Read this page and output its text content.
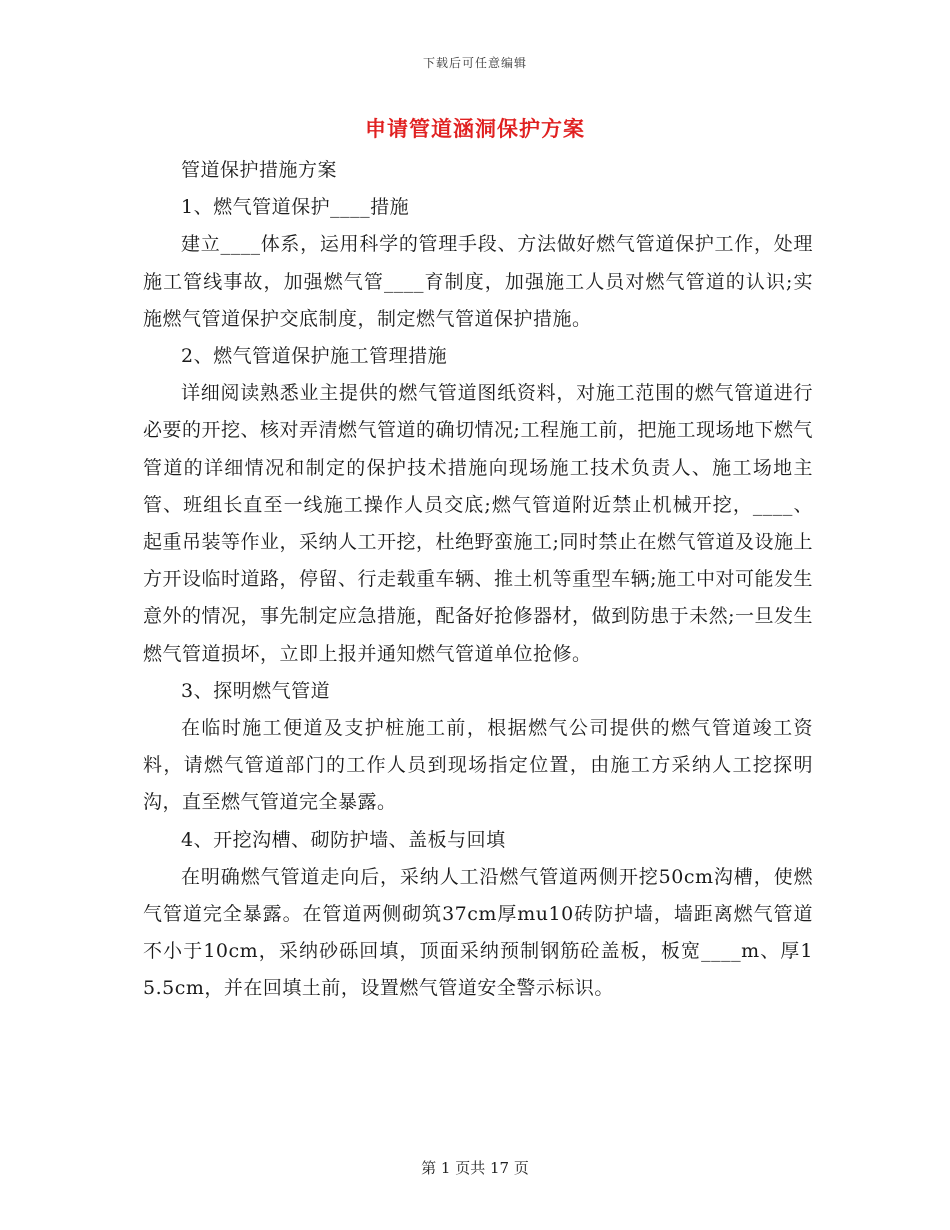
下载后可任意编辑
申请管道涵洞保护方案

管道保护措施方案

1、燃气管道保护____措施

建立____体系，运用科学的管理手段、方法做好燃气管道保护工作，处理施工管线事故，加强燃气管____育制度，加强施工人员对燃气管道的认识;实施燃气管道保护交底制度，制定燃气管道保护措施。

2、燃气管道保护施工管理措施

详细阅读熟悉业主提供的燃气管道图纸资料，对施工范围的燃气管道进行必要的开挖、核对弄清燃气管道的确切情况;工程施工前，把施工现场地下燃气管道的详细情况和制定的保护技术措施向现场施工技术负责人、施工场地主管、班组长直至一线施工操作人员交底;燃气管道附近禁止机械开挖，____、起重吊装等作业，采纳人工开挖，杜绝野蛮施工;同时禁止在燃气管道及设施上方开设临时道路，停留、行走载重车辆、推土机等重型车辆;施工中对可能发生意外的情况，事先制定应急措施，配备好抢修器材，做到防患于未然;一旦发生燃气管道损坏，立即上报并通知燃气管道单位抢修。

3、探明燃气管道

在临时施工便道及支护桩施工前，根据燃气公司提供的燃气管道竣工资料，请燃气管道部门的工作人员到现场指定位置，由施工方采纳人工挖探明沟，直至燃气管道完全暴露。

4、开挖沟槽、砌防护墙、盖板与回填

在明确燃气管道走向后，采纳人工沿燃气管道两侧开挖50cm沟槽，使燃气管道完全暴露。在管道两侧砌筑37cm厚mu10砖防护墙，墙距离燃气管道不小于10cm，采纳砂砾回填，顶面采纳预制钢筋砼盖板，板宽____m、厚15.5cm，并在回填土前，设置燃气管道安全警示标识。

第 1 页共 17 页
